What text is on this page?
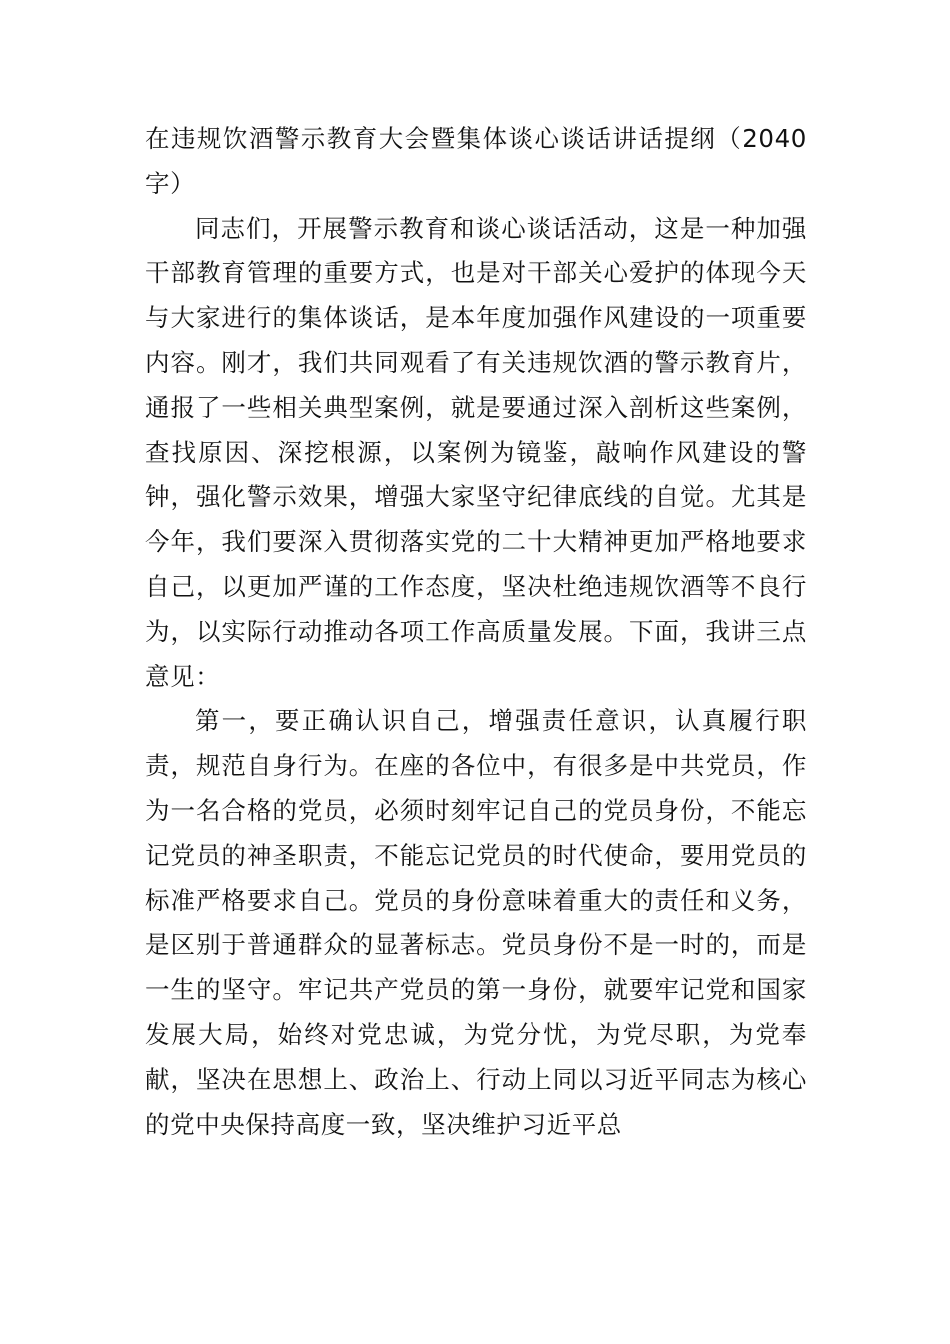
在违规饮酒警示教育大会暨集体谈心谈话讲话提纲（2040字）

同志们，开展警示教育和谈心谈话活动，这是一种加强干部教育管理的重要方式，也是对干部关心爱护的体现今天与大家进行的集体谈话，是本年度加强作风建设的一项重要内容。刚才，我们共同观看了有关违规饮酒的警示教育片，通报了一些相关典型案例，就是要通过深入剖析这些案例，查找原因、深挖根源，以案例为镜鉴，敲响作风建设的警钟，强化警示效果，增强大家坚守纪律底线的自觉。尤其是今年，我们要深入贯彻落实党的二十大精神更加严格地要求自己，以更加严谨的工作态度，坚决杜绝违规饮酒等不良行为，以实际行动推动各项工作高质量发展。下面，我讲三点意见：

第一，要正确认识自己，增强责任意识，认真履行职责，规范自身行为。在座的各位中，有很多是中共党员，作为一名合格的党员，必须时刻牢记自己的党员身份，不能忘记党员的神圣职责，不能忘记党员的时代使命，要用党员的标准严格要求自己。党员的身份意味着重大的责任和义务，是区别于普通群众的显著标志。党员身份不是一时的，而是一生的坚守。牢记共产党员的第一身份，就要牢记党和国家发展大局，始终对党忠诚，为党分忧，为党尽职，为党奉献，坚决在思想上、政治上、行动上同以习近平同志为核心的党中央保持高度一致，坚决维护习近平总
